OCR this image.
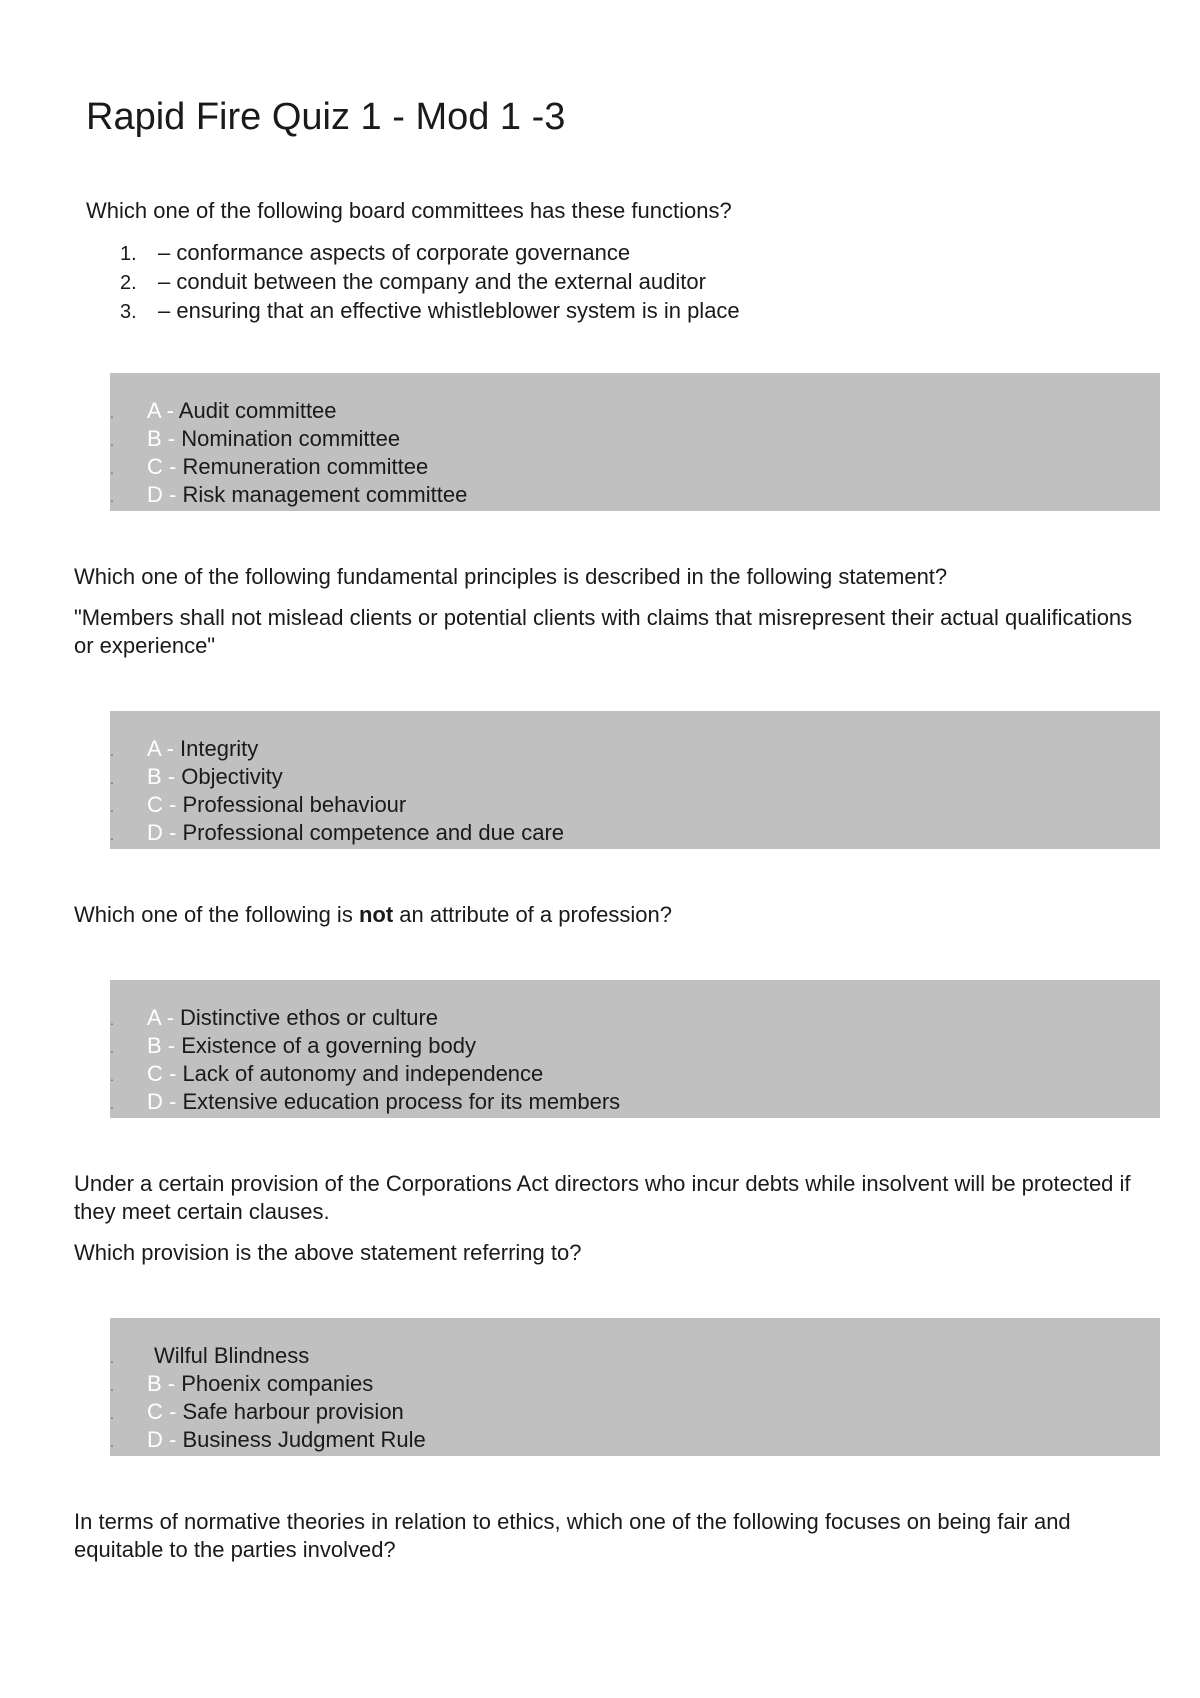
Rapid Fire Quiz 1 - Mod 1 -3

Which one of the following board committees has these functions?

1. – conformance aspects of corporate governance
2. – conduit between the company and the external auditor
3. – ensuring that an effective whistleblower system is in place
. A - Audit committee
. B - Nomination committee
. C - Remuneration committee
. D - Risk management committee

Which one of the following fundamental principles is described in the following statement?

"Members shall not mislead clients or potential clients with claims that misrepresent their actual qualifications or experience"

. A - Integrity
. B - Objectivity
. C - Professional behaviour
. D - Professional competence and due care

Which one of the following is not an attribute of a profession?

. A - Distinctive ethos or culture
. B - Existence of a governing body
. C - Lack of autonomy and independence
. D - Extensive education process for its members

Under a certain provision of the Corporations Act directors who incur debts while insolvent will be protected if they meet certain clauses.

Which provision is the above statement referring to?

. Wilful Blindness
. B - Phoenix companies
. C - Safe harbour provision
. D - Business Judgment Rule

In terms of normative theories in relation to ethics, which one of the following focuses on being fair and equitable to the parties involved?
